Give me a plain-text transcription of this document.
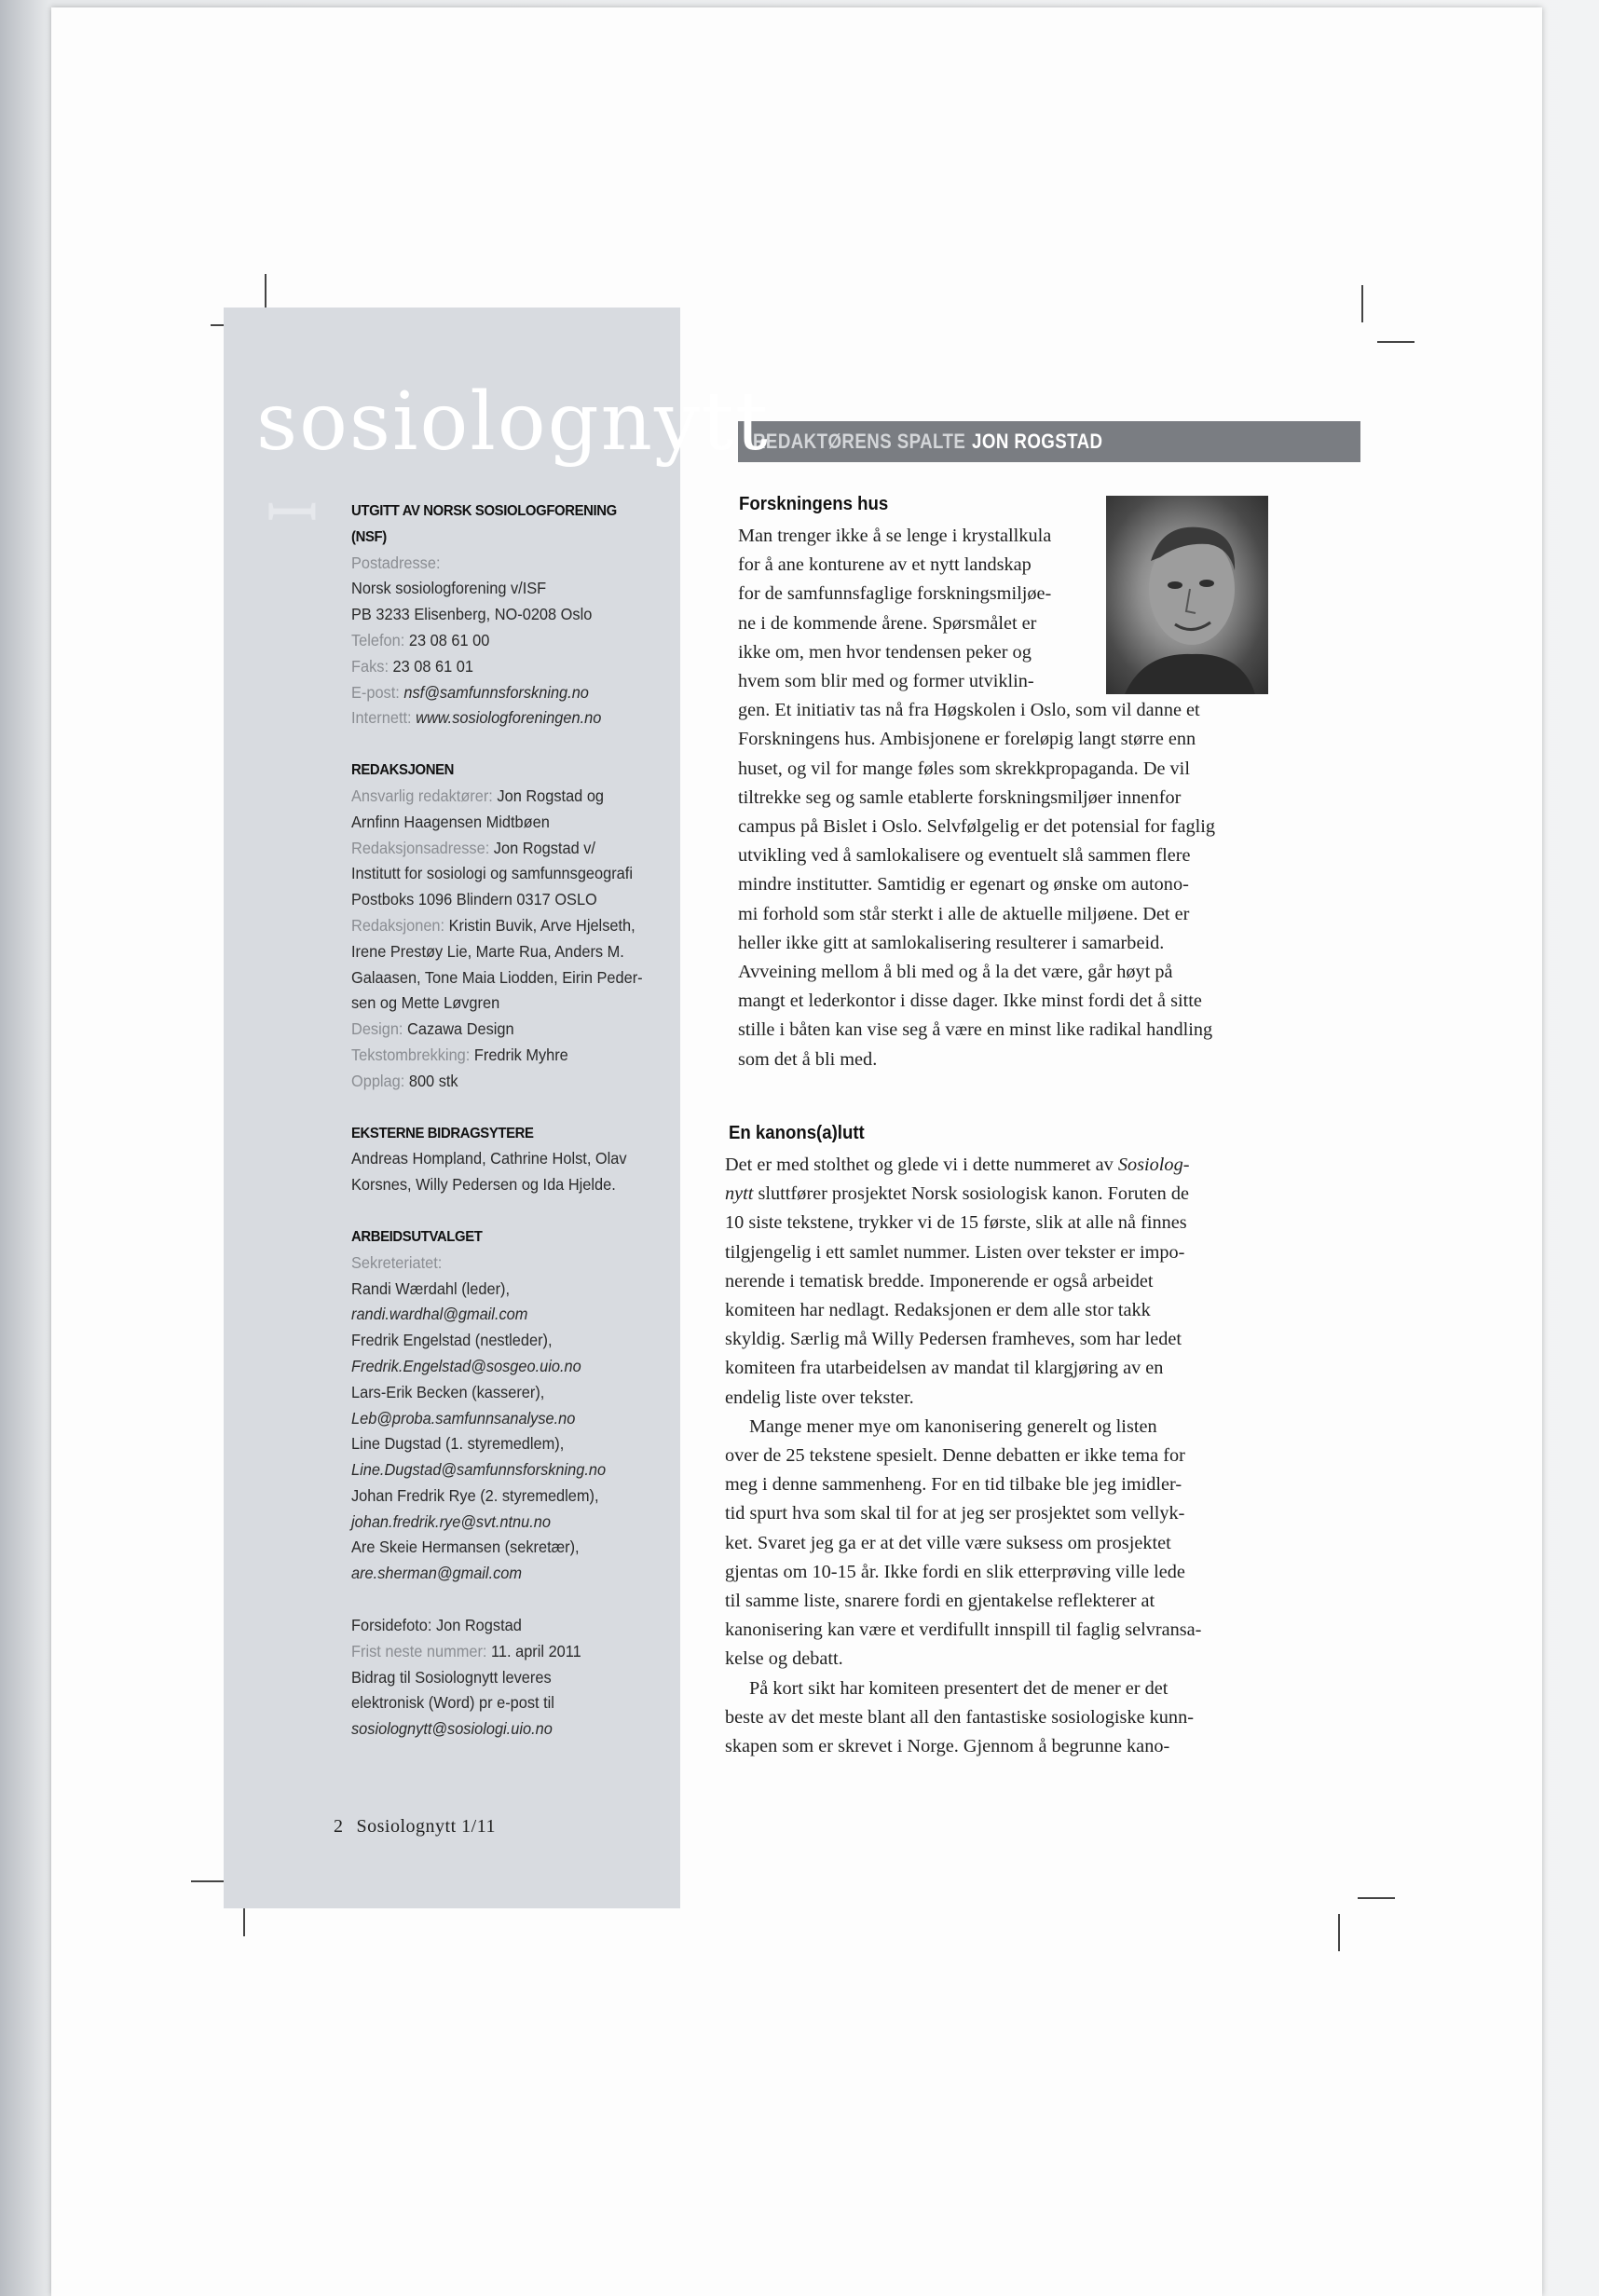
ꟷ
sosiolognytt
UTGITT AV NORSK SOSIOLOGFORENING (NSF)
Postadresse:
Norsk sosiologforening v/ISF
PB 3233 Elisenberg, NO-0208 Oslo
Telefon: 23 08 61 00
Faks: 23 08 61 01
E-post: nsf@samfunnsforskning.no
Internett: www.sosiologforeningen.no
REDAKSJONEN
Ansvarlig redaktører: Jon Rogstad og
Arnfinn Haagensen Midtbøen
Redaksjonsadresse: Jon Rogstad v/
Institutt for sosiologi og samfunnsgeografi
Postboks 1096 Blindern 0317 OSLO
Redaksjonen: Kristin Buvik, Arve Hjelseth,
Irene Prestøy Lie, Marte Rua, Anders M.
Galaasen, Tone Maia Liodden, Eirin Peder-
sen og Mette Løvgren
Design: Cazawa Design
Tekstombrekking: Fredrik Myhre
Opplag: 800 stk
EKSTERNE BIDRAGSYTERE
Andreas Hompland, Cathrine Holst, Olav
Korsnes, Willy Pedersen og Ida Hjelde.
ARBEIDSUTVALGET
Sekreteriatet:
Randi Wærdahl (leder),
randi.wardhal@gmail.com
Fredrik Engelstad (nestleder),
Fredrik.Engelstad@sosgeo.uio.no
Lars-Erik Becken (kasserer),
Leb@proba.samfunnsanalyse.no
Line Dugstad (1. styremedlem),
Line.Dugstad@samfunnsforskning.no
Johan Fredrik Rye (2. styremedlem),
johan.fredrik.rye@svt.ntnu.no
Are Skeie Hermansen (sekretær),
are.sherman@gmail.com
Forsidefoto: Jon Rogstad
Frist neste nummer: 11. april 2011
Bidrag til Sosiolognytt leveres
elektronisk (Word) pr e-post til
sosiolognytt@sosiologi.uio.no
2 Sosiolognytt 1/11
REDAKTØRENS SPALTE JON ROGSTAD
Forskningens hus
Man trenger ikke å se lenge i krystallkula
for å ane konturene av et nytt landskap
for de samfunnsfaglige forskningsmiljøe-
ne i de kommende årene. Spørsmålet er
ikke om, men hvor tendensen peker og
hvem som blir med og former utviklin-
gen. Et initiativ tas nå fra Høgskolen i Oslo, som vil danne et
Forskningens hus. Ambisjonene er foreløpig langt større enn
huset, og vil for mange føles som skrekkpropaganda. De vil
tiltrekke seg og samle etablerte forskningsmiljøer innenfor
campus på Bislet i Oslo. Selvfølgelig er det potensial for faglig
utvikling ved å samlokalisere og eventuelt slå sammen flere
mindre institutter. Samtidig er egenart og ønske om autono-
mi forhold som står sterkt i alle de aktuelle miljøene. Det er
heller ikke gitt at samlokalisering resulterer i samarbeid.
Avveining mellom å bli med og å la det være, går høyt på
mangt et lederkontor i disse dager. Ikke minst fordi det å sitte
stille i båten kan vise seg å være en minst like radikal handling
som det å bli med.
En kanons(a)lutt
Det er med stolthet og glede vi i dette nummeret av Sosiolog-
nytt sluttfører prosjektet Norsk sosiologisk kanon. Foruten de
10 siste tekstene, trykker vi de 15 første, slik at alle nå finnes
tilgjengelig i ett samlet nummer. Listen over tekster er impo-
nerende i tematisk bredde. Imponerende er også arbeidet
komiteen har nedlagt. Redaksjonen er dem alle stor takk
skyldig. Særlig må Willy Pedersen framheves, som har ledet
komiteen fra utarbeidelsen av mandat til klargjøring av en
endelig liste over tekster.
Mange mener mye om kanonisering generelt og listen
over de 25 tekstene spesielt. Denne debatten er ikke tema for
meg i denne sammenheng. For en tid tilbake ble jeg imidler-
tid spurt hva som skal til for at jeg ser prosjektet som vellyk-
ket. Svaret jeg ga er at det ville være suksess om prosjektet
gjentas om 10-15 år. Ikke fordi en slik etterprøving ville lede
til samme liste, snarere fordi en gjentakelse reflekterer at
kanonisering kan være et verdifullt innspill til faglig selvransa-
kelse og debatt.
På kort sikt har komiteen presentert det de mener er det
beste av det meste blant all den fantastiske sosiologiske kunn-
skapen som er skrevet i Norge. Gjennom å begrunne kano-
